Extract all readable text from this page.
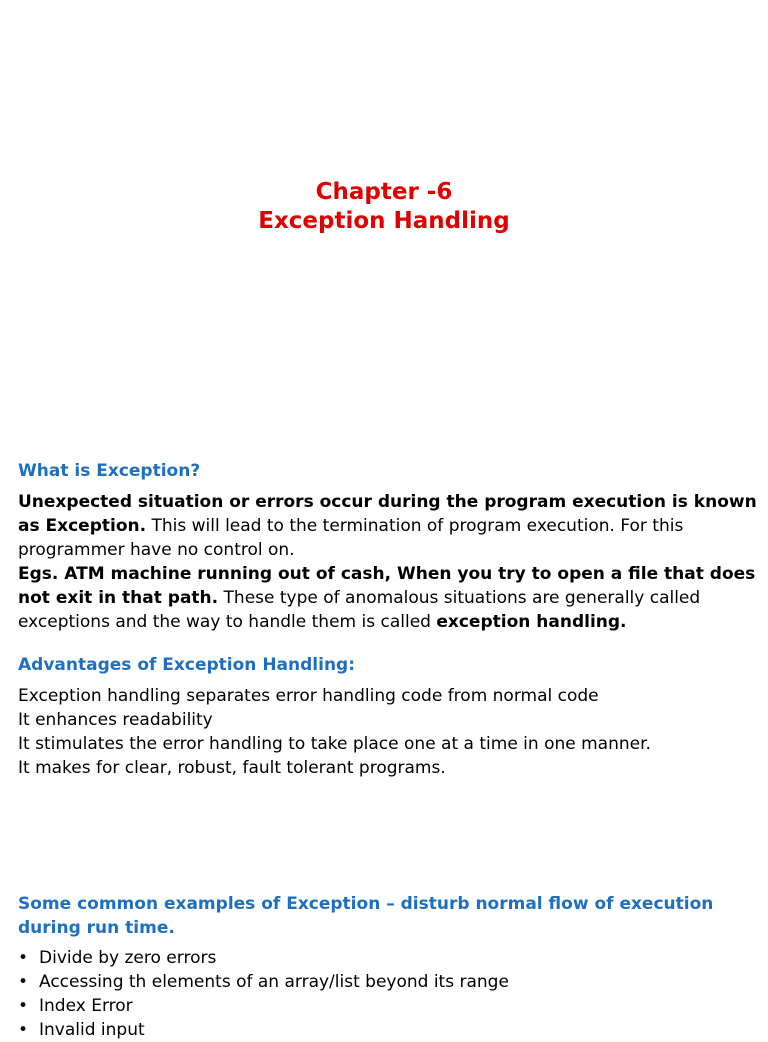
Chapter -6
Exception Handling
What is Exception?

Unexpected situation or errors occur during the program execution is known as Exception. This will lead to the termination of program execution. For this programmer have no control on.

Egs. ATM machine running out of cash, When you try to open a file that does not exit in that path. These type of anomalous situations are generally called exceptions and the way to handle them is called exception handling.

Advantages of Exception Handling:
Exception handling separates error handling code from normal code
It enhances readability
It stimulates the error handling to take place one at a time in one manner.
It makes for clear, robust, fault tolerant programs.
Some common examples of Exception – disturb normal flow of execution during run time.
• Divide by zero errors
• Accessing th elements of an array/list beyond its range
• Index Error
• Invalid input
